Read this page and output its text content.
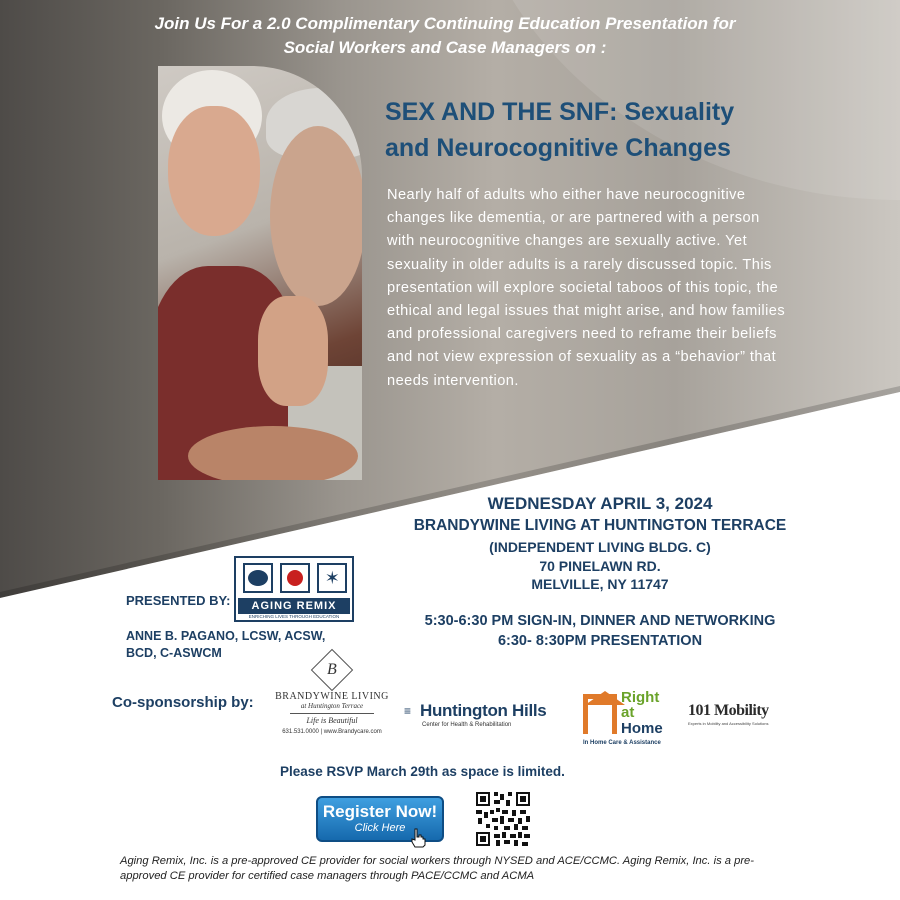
Join Us For a 2.0 Complimentary Continuing Education Presentation for
Social Workers and Case Managers on :
SEX AND THE SNF: Sexuality
and Neurocognitive Changes
Nearly half of adults who either have neurocognitive changes like dementia, or are partnered with a person with neurocognitive changes are sexually active. Yet sexuality in older adults is a rarely discussed topic. This presentation will explore societal taboos of this topic, the ethical and legal issues that might arise, and how families and professional caregivers need to reframe their beliefs and not view expression of sexuality as a “behavior” that needs intervention.
WEDNESDAY APRIL 3, 2024
BRANDYWINE LIVING AT HUNTINGTON TERRACE
(INDEPENDENT LIVING BLDG. C)
70 PINELAWN RD.
MELVILLE, NY 11747
5:30-6:30 PM SIGN-IN, DINNER AND NETWORKING
6:30- 8:30PM PRESENTATION
PRESENTED BY:
✶
AGING REMIX
ENRICHING LIVES THROUGH EDUCATION
ANNE B. PAGANO, LCSW, ACSW,
BCD, C-ASWCM
Co-sponsorship by:
B
BRANDYWINE LIVING
at Huntington Terrace
Life is Beautiful
631.531.0000 | www.Brandycare.com
≡ Huntington Hills
Center for Health & Rehabilitation
Right
at
Home
In Home Care & Assistance
101 Mobility
Experts in Mobility and Accessibility Solutions
Please RSVP March 29th as space is limited.
Register Now!
Click Here
Aging Remix, Inc. is a pre-approved CE provider for social workers through NYSED and ACE/CCMC. Aging Remix, Inc. is a pre-approved CE provider for certified case managers through PACE/CCMC and ACMA
